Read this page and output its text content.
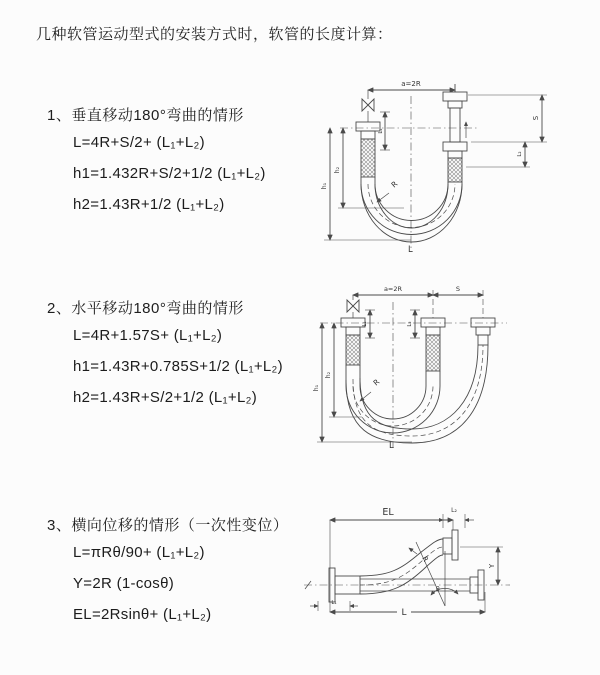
几种软管运动型式的安装方式时，软管的长度计算：
1、垂直移动180°弯曲的情形
L=4R+S/2+ (L₁+L₂)
h1=1.432R+S/2+1/2 (L₁+L₂)
h2=1.43R+1/2 (L₁+L₂)
2、水平移动180°弯曲的情形
L=4R+1.57S+ (L₁+L₂)
h1=1.43R+0.785S+1/2 (L₁+L₂)
h2=1.43R+S/2+1/2 (L₁+L₂)
3、横向位移的情形（一次性变位）
L=πRθ/90+ (L₁+L₂)
Y=2R (1-cosθ)
EL=2Rsinθ+ (L₁+L₂)
a=2R
h₁
h₂
L₁
S
L₂
R
L
a=2R	S
h₁
h₂
L₁	L₂
R
L
EL	L₂
Y
L
L₁
R
θ
